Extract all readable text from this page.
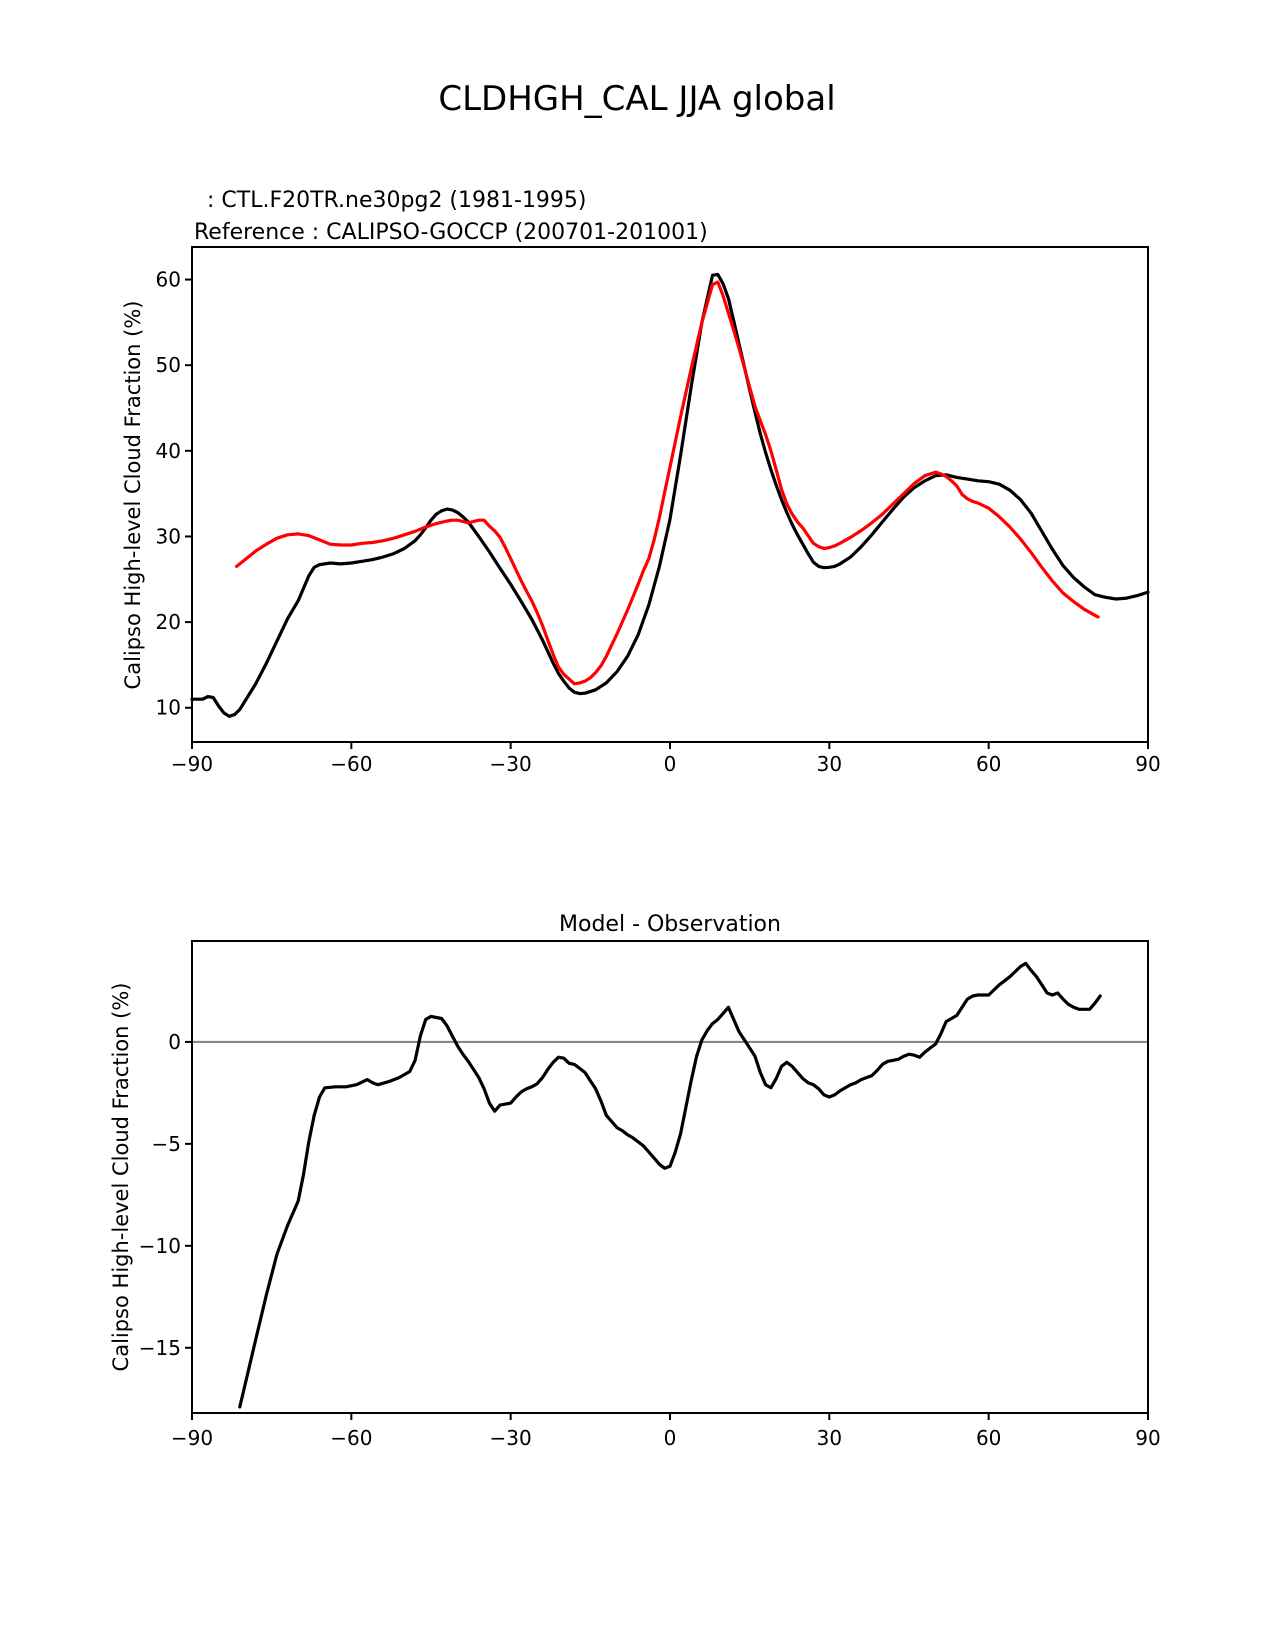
CLDHGH_CAL JJA global
: CTL.F20TR.ne30pg2 (1981-1995)
Reference : CALIPSO-GOCCP (200701-201001)
Calipso High-level Cloud Fraction (%)
Model - Observation
Calipso High-level Cloud Fraction (%)
−90	−60	−30	0	30	60	90
10
20
30
40
50
60
−90	−60	−30	0	30	60	90
0
−5
−10
−15
